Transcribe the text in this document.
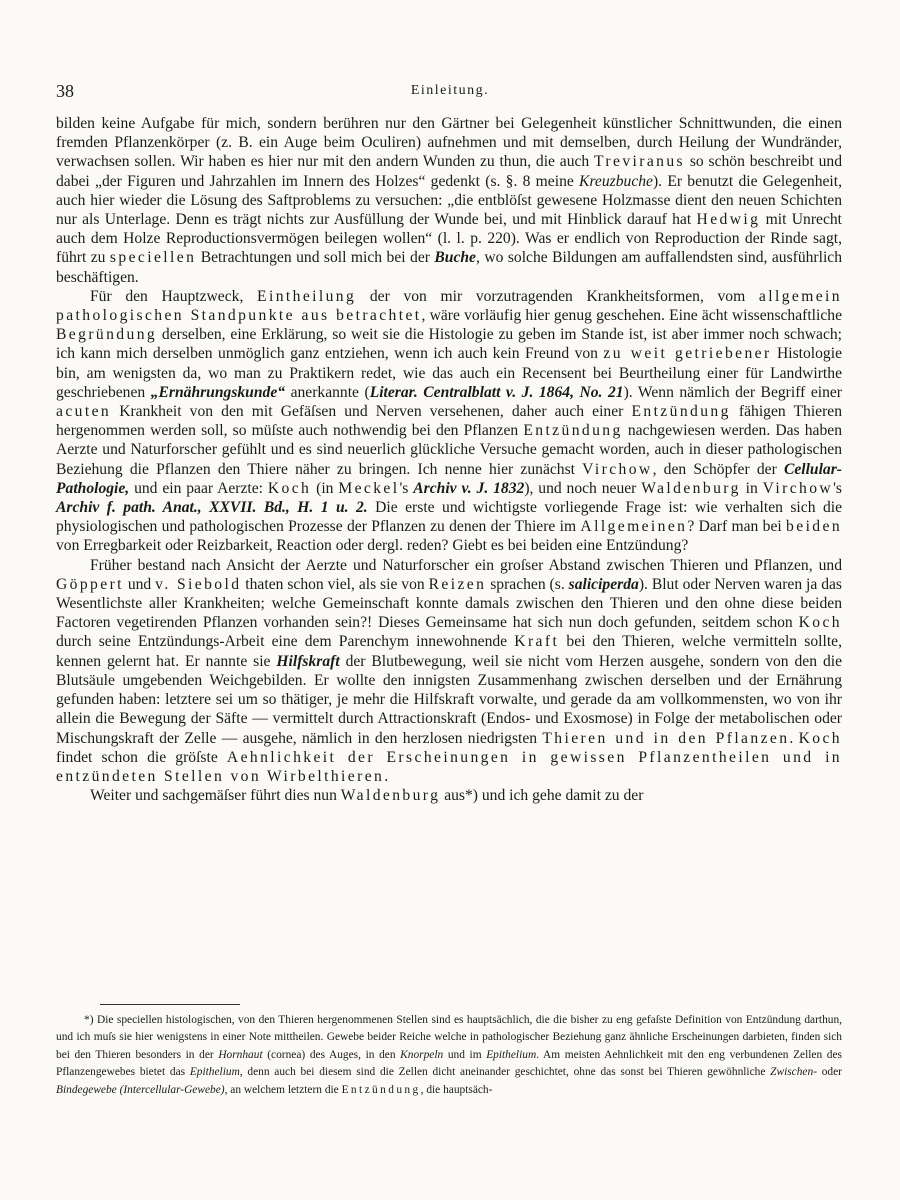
38	Einleitung.

bilden keine Aufgabe für mich, sondern berühren nur den Gärtner bei Gelegenheit künstlicher Schnittwunden, die einen fremden Pflanzenkörper (z. B. ein Auge beim Oculiren) aufnehmen und mit demselben, durch Heilung der Wundränder, verwachsen sollen. Wir haben es hier nur mit den andern Wunden zu thun, die auch Treviranus so schön beschreibt und dabei „der Figuren und Jahrzahlen im Innern des Holzes“ gedenkt (s. §. 8 meine Kreuzbuche). Er benutzt die Gelegenheit, auch hier wieder die Lösung des Saftproblems zu versuchen: „die entblöſst gewesene Holzmasse dient den neuen Schichten nur als Unterlage. Denn es trägt nichts zur Ausfüllung der Wunde bei, und mit Hinblick darauf hat Hedwig mit Unrecht auch dem Holze Reproductionsvermögen beilegen wollen“ (l. l. p. 220). Was er endlich von Reproduction der Rinde sagt, führt zu speciellen Betrachtungen und soll mich bei der Buche, wo solche Bildungen am auffallendsten sind, ausführlich beschäftigen.

Für den Hauptzweck, Eintheilung der von mir vorzutragenden Krankheitsformen, vom allgemein pathologischen Standpunkte aus betrachtet, wäre vorläufig hier genug geschehen. Eine ächt wissenschaftliche Begründung derselben, eine Erklärung, so weit sie die Histologie zu geben im Stande ist, ist aber immer noch schwach; ich kann mich derselben unmöglich ganz entziehen, wenn ich auch kein Freund von zu weit getriebener Histologie bin, am wenigsten da, wo man zu Praktikern redet, wie das auch ein Recensent bei Beurtheilung einer für Landwirthe geschriebenen „Ernährungskunde“ anerkannte (Literar. Centralblatt v. J. 1864, No. 21). Wenn nämlich der Begriff einer acuten Krankheit von den mit Gefäſsen und Nerven versehenen, daher auch einer Entzündung fähigen Thieren hergenommen werden soll, so müſste auch nothwendig bei den Pflanzen Entzündung nachgewiesen werden. Das haben Aerzte und Naturforscher gefühlt und es sind neuerlich glückliche Versuche gemacht worden, auch in dieser pathologischen Beziehung die Pflanzen den Thiere näher zu bringen. Ich nenne hier zunächst Virchow, den Schöpfer der Cellular-Pathologie, und ein paar Aerzte: Koch (in Meckel's Archiv v. J. 1832), und noch neuer Waldenburg in Virchow's Archiv f. path. Anat., XXVII. Bd., H. 1 u. 2. Die erste und wichtigste vorliegende Frage ist: wie verhalten sich die physiologischen und pathologischen Prozesse der Pflanzen zu denen der Thiere im Allgemeinen? Darf man bei beiden von Erregbarkeit oder Reizbarkeit, Reaction oder dergl. reden? Giebt es bei beiden eine Entzündung?

Früher bestand nach Ansicht der Aerzte und Naturforscher ein groſser Abstand zwischen Thieren und Pflanzen, und Göppert und v. Siebold thaten schon viel, als sie von Reizen sprachen (s. saliciperda). Blut oder Nerven waren ja das Wesentlichste aller Krankheiten; welche Gemeinschaft konnte damals zwischen den Thieren und den ohne diese beiden Factoren vegetirenden Pflanzen vorhanden sein?! Dieses Gemeinsame hat sich nun doch gefunden, seitdem schon Koch durch seine Entzündungs-Arbeit eine dem Parenchym innewohnende Kraft bei den Thieren, welche vermitteln sollte, kennen gelernt hat. Er nannte sie Hilfskraft der Blutbewegung, weil sie nicht vom Herzen ausgehe, sondern von den die Blutsäule umgebenden Weichgebilden. Er wollte den innigsten Zusammenhang zwischen derselben und der Ernährung gefunden haben: letztere sei um so thätiger, je mehr die Hilfskraft vorwalte, und gerade da am vollkommensten, wo von ihr allein die Bewegung der Säfte — vermittelt durch Attractionskraft (Endos- und Exosmose) in Folge der metabolischen oder Mischungskraft der Zelle — ausgehe, nämlich in den herzlosen niedrigsten Thieren und in den Pflanzen. Koch findet schon die gröſste Aehnlichkeit der Erscheinungen in gewissen Pflanzentheilen und in entzündeten Stellen von Wirbelthieren.

Weiter und sachgemäſser führt dies nun Waldenburg aus*) und ich gehe damit zu der

*) Die speciellen histologischen, von den Thieren hergenommenen Stellen sind es hauptsächlich, die die bisher zu eng gefaſste Definition von Entzündung darthun, und ich muſs sie hier wenigstens in einer Note mittheilen. Gewebe beider Reiche welche in pathologischer Beziehung ganz ähnliche Erscheinungen darbieten, finden sich bei den Thieren besonders in der Hornhaut (cornea) des Auges, in den Knorpeln und im Epithelium. Am meisten Aehnlichkeit mit den eng verbundenen Zellen des Pflanzengewebes bietet das Epithelium, denn auch bei diesem sind die Zellen dicht aneinander geschichtet, ohne das sonst bei Thieren gewöhnliche Zwischen- oder Bindegewebe (Intercellular-Gewebe), an welchem letztern die Entzündung, die hauptsäch-
